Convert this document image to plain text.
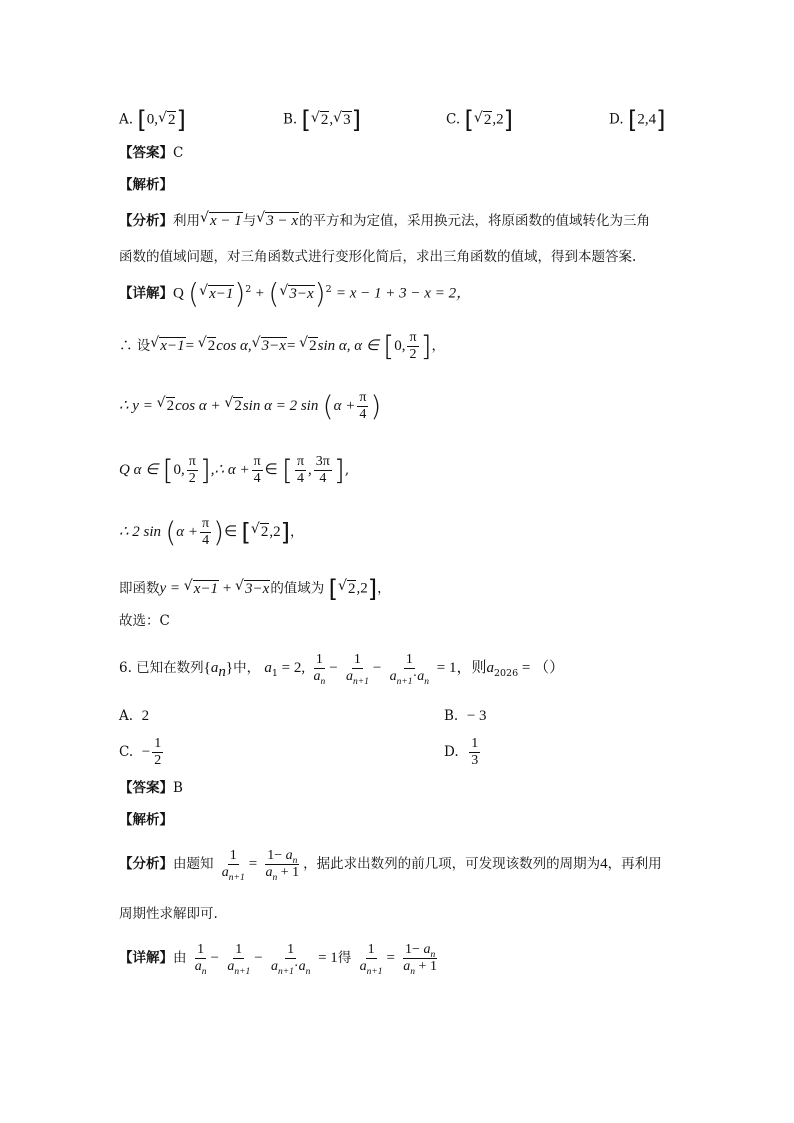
A. [0, √ 2]	B. [ √ 2, √ 3]	C. [ √ 2,2]	D. [2,4]
【答案】C
【解析】
【分析】利用 √ x − 1与 √ 3 − x的平方和为定值，采用换元法，将原函数的值域转化为三角
函数的值域问题，对三角函数式进行变形化简后，求出三角函数的值域，得到本题答案.
【详解】Q ( √ x−1)$^2$ + ( √ 3−x)$^2$ = x − 1 + 3 − x = 2，
∴ 设 √ x−1= √ 2cos α, √ 3−x= √ 2sin α, α ∈ [0, $\frac{\pi}{2}$ ]，
∴ y = √ 2cos α + √ 2sin α = 2 $\sin (\alpha + \frac{\pi}{4}$ )
Q α ∈ [0, $\frac{\pi}{2}$ ],∴ $\alpha + \frac{\pi}{4}$ ∈ [ $\frac{\pi}{4}$ , $\frac{3\pi}{4}$ ],
∴ 2 $\sin (\alpha + \frac{\pi}{4}$ )∈ [ √ 2,2]，
即函数y = √ x−1 + √ 3−x的值域为 [ √ 2,2]，
故选：C
6. 已知在数列$\{a_n\}$中， $a_1 = 2$, $\frac{1}{a_n} - \frac{1}{a_{n+1}} - \frac{1}{a_{n+1}\cdot a_n} = 1$，则$a_{2026}$ = （）
A. 2	B. − 3
C. − $\frac{1}{2}$	D. $\frac{1}{3}$
【答案】B
【解析】
【分析】由题知 $\frac{1}{a_{n+1}} = \frac{1- a_n}{a_n + 1}$ ，据此求出数列的前几项，可发现该数列的周期为4，再利用
周期性求解即可.
【详解】由 $\frac{1}{a_n} - \frac{1}{a_{n+1}} - \frac{1}{a_{n+1}\cdot a_n} = 1$得 $\frac{1}{a_{n+1}} = \frac{1- a_n}{a_n + 1}$
